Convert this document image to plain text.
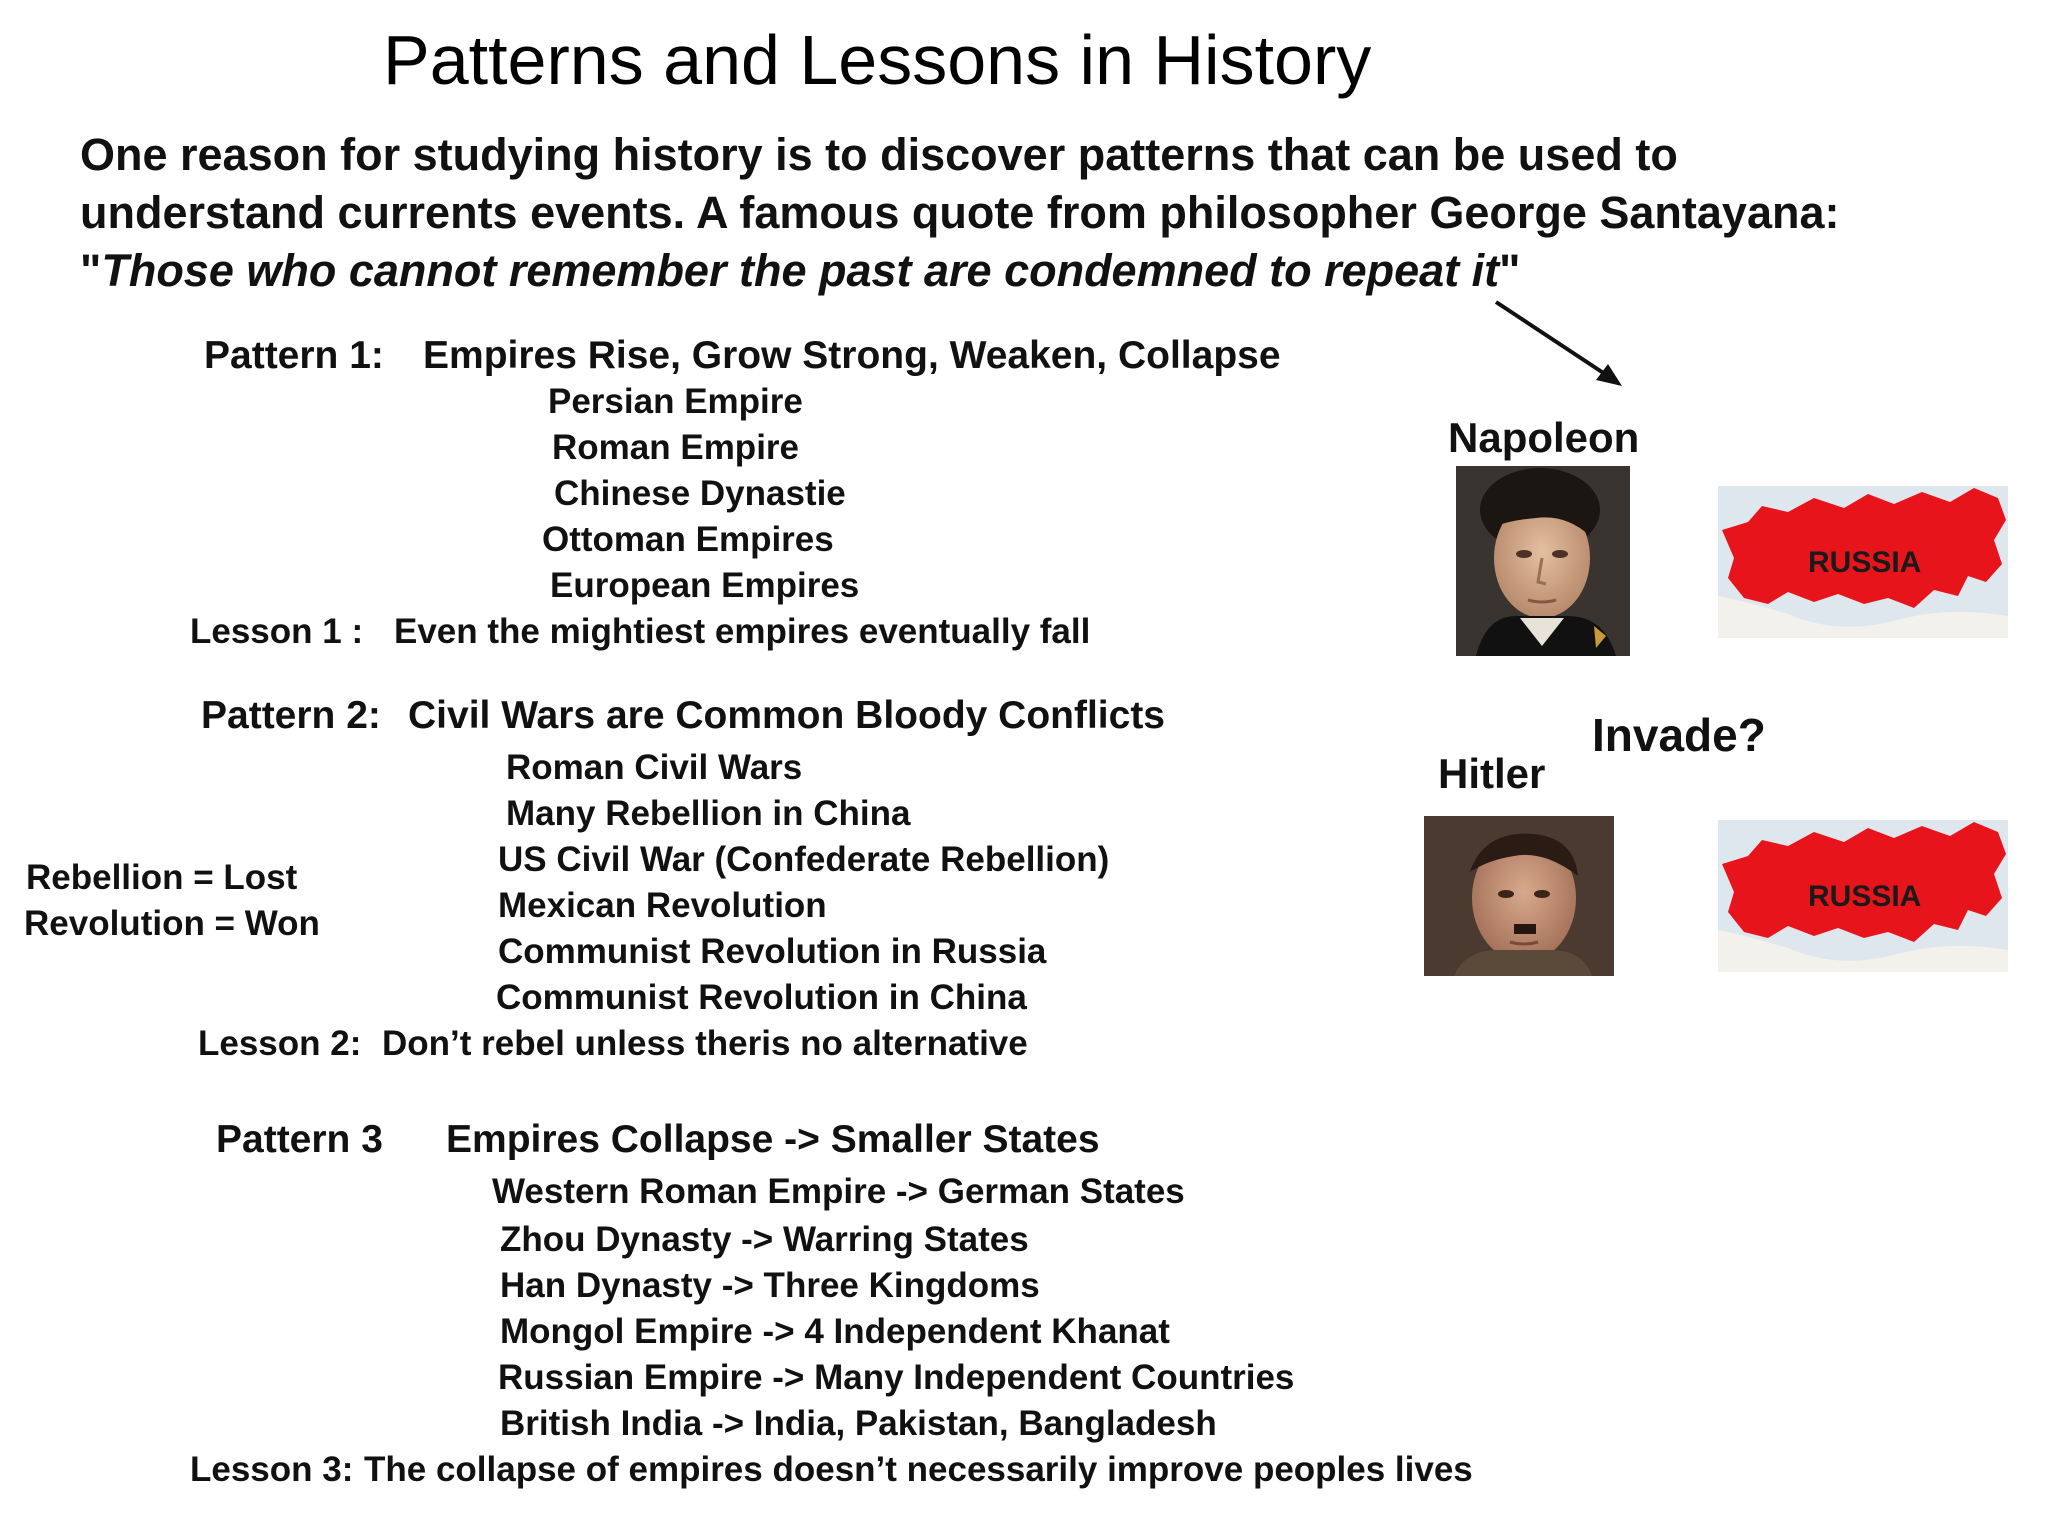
Patterns and Lessons in History
One reason for studying history is to discover patterns that can be used to
understand currents events. A famous quote from philosopher George Santayana:
"Those who cannot remember the past are condemned to repeat it"
Pattern 1: Empires Rise, Grow Strong, Weaken, Collapse
Persian Empire
Roman Empire
Chinese Dynastie
Ottoman Empires
European Empires
Lesson 1 : Even the mightiest empires eventually fall
Pattern 2: Civil Wars are Common Bloody Conflicts
Roman Civil Wars
Many Rebellion in China
US Civil War (Confederate Rebellion)
Mexican Revolution
Communist Revolution in Russia
Communist Revolution in China
Lesson 2: Don’t rebel unless theris no alternative
Rebellion = Lost
Revolution = Won
Pattern 3 Empires Collapse -> Smaller States
Western Roman Empire -> German States
Zhou Dynasty -> Warring States
Han Dynasty -> Three Kingdoms
Mongol Empire -> 4 Independent Khanat
Russian Empire -> Many Independent Countries
British India -> India, Pakistan, Bangladesh
Lesson 3: The collapse of empires doesn’t necessarily improve peoples lives
Napoleon
RUSSIA
Invade?
Hitler
RUSSIA
